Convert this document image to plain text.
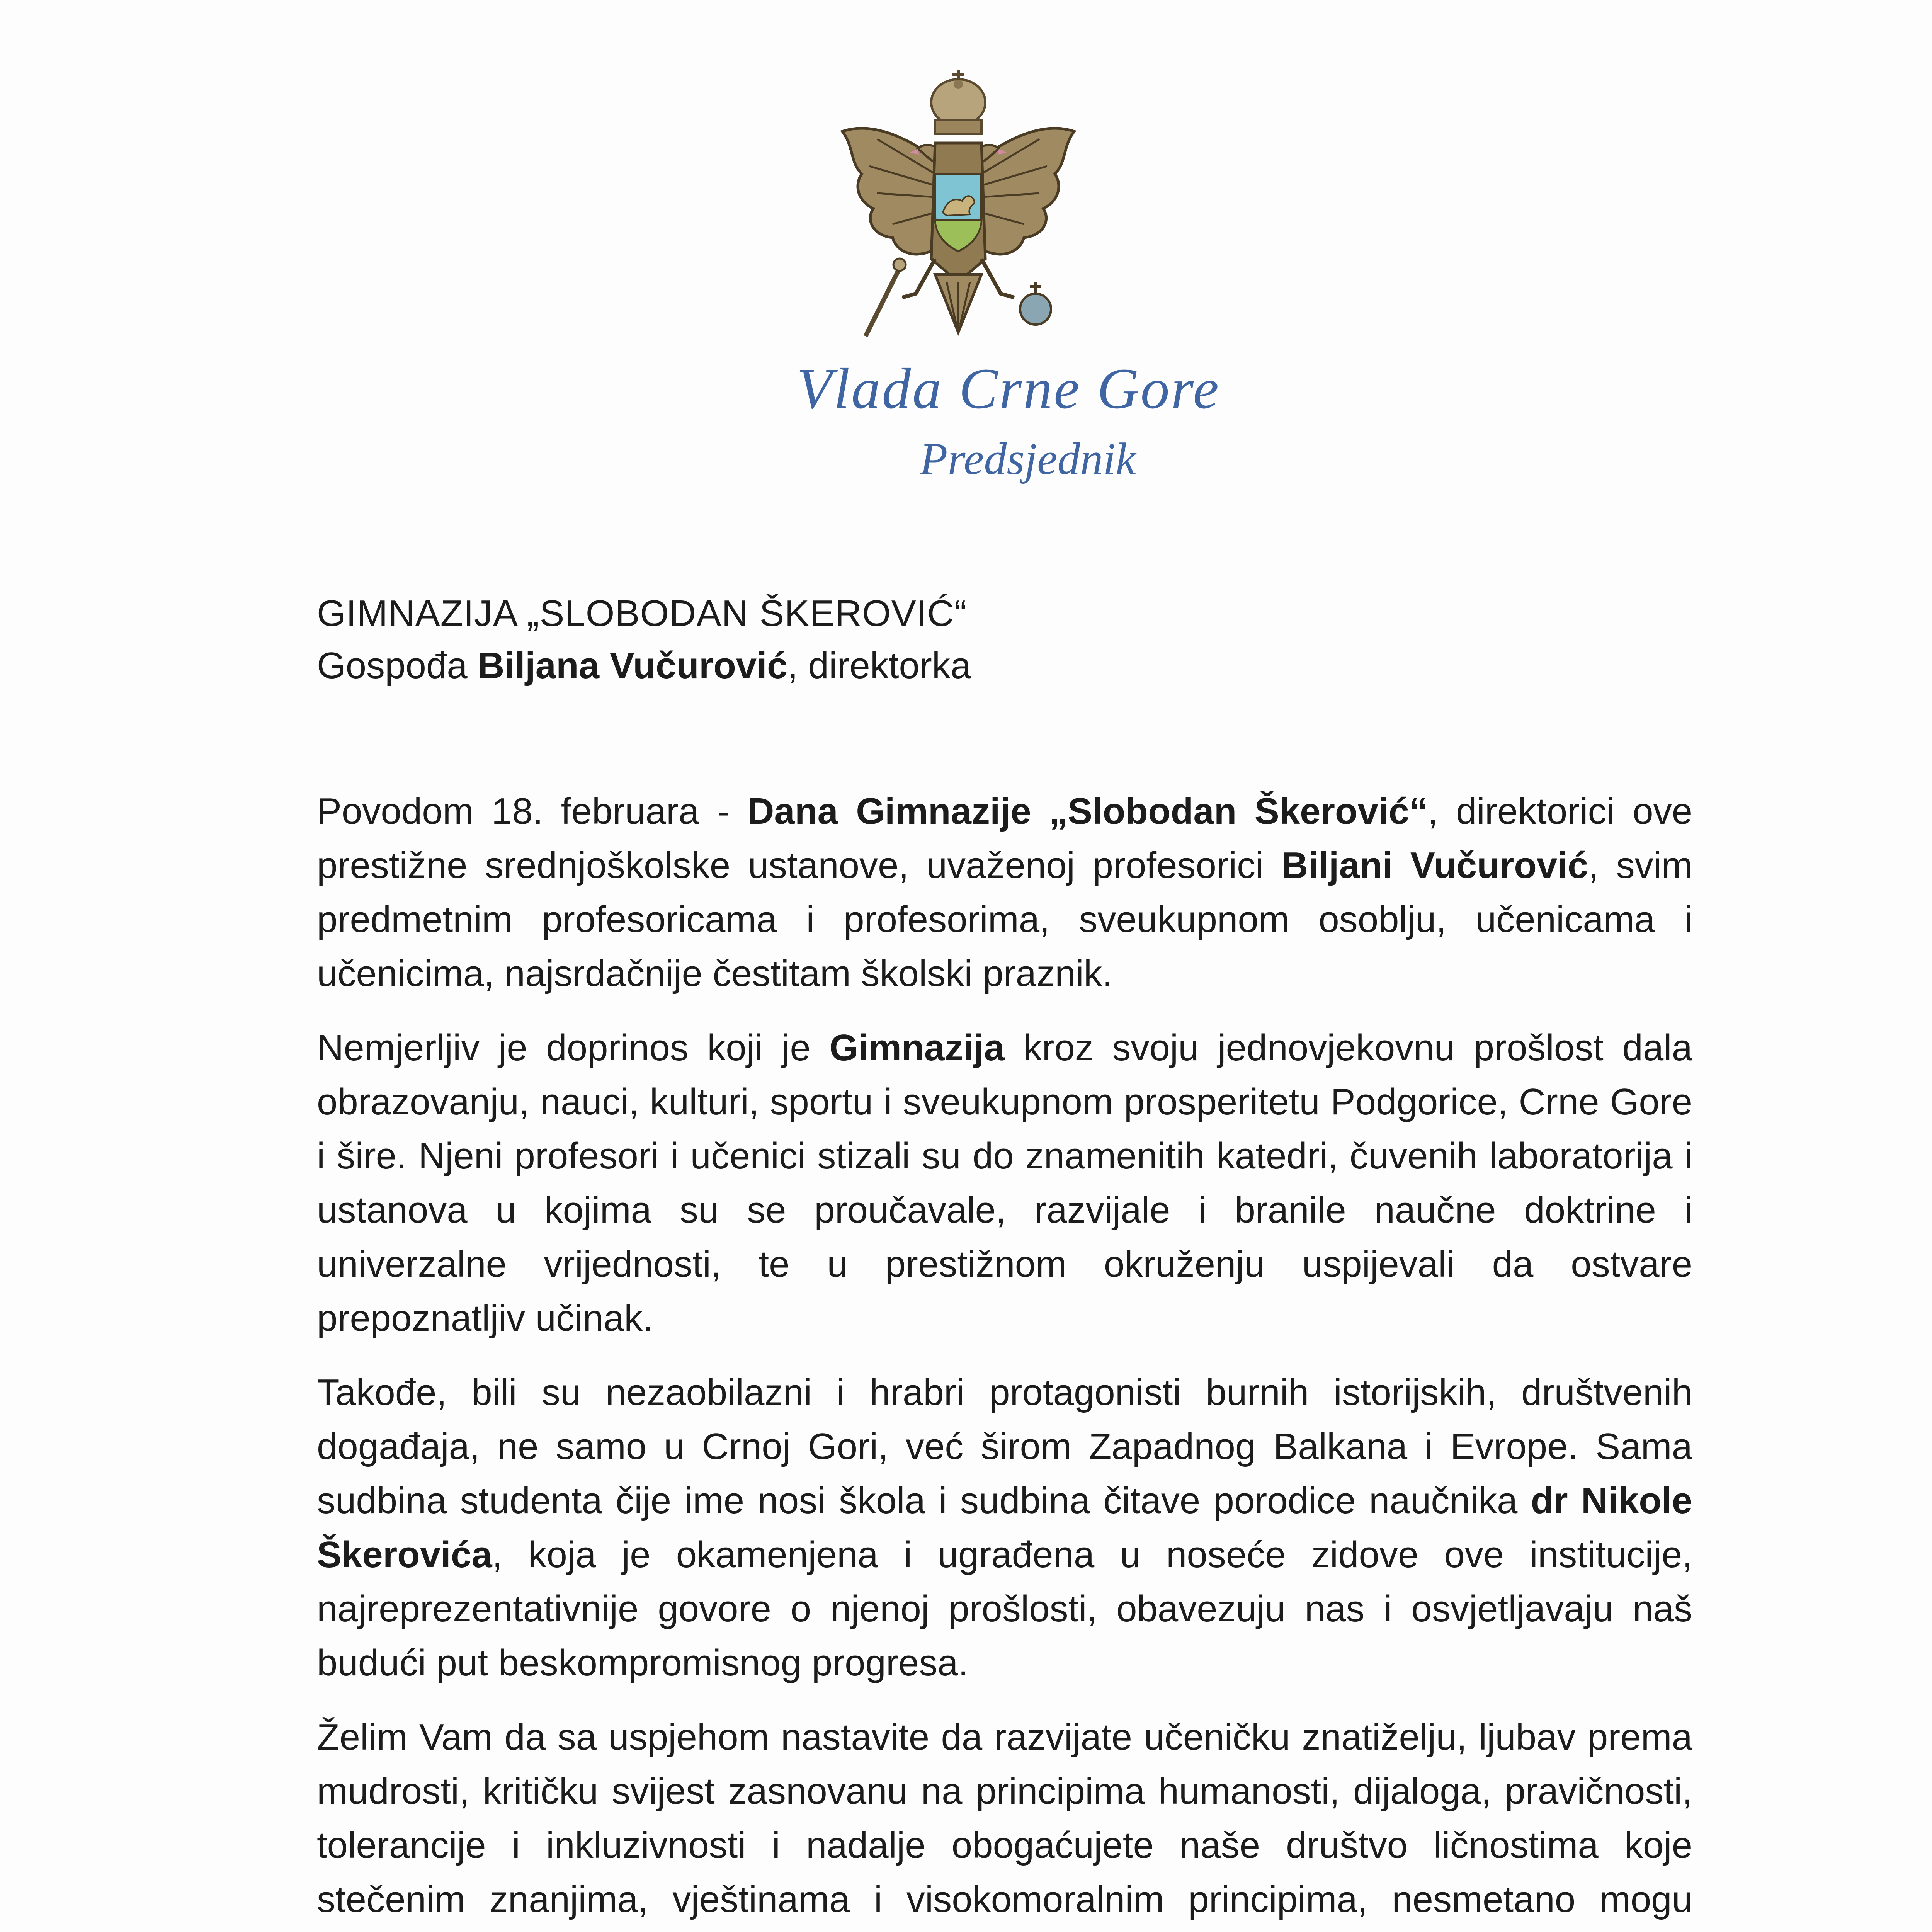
Vlada Crne Gore
Predsjednik
GIMNAZIJA „SLOBODAN ŠKEROVIĆ“
Gospođa Biljana Vučurović, direktorka

Povodom 18. februara - Dana Gimnazije „Slobodan Škerović“, direktorici ove prestižne srednjoškolske ustanove, uvaženoj profesorici Biljani Vučurović, svim predmetnim profesoricama i profesorima, sveukupnom osoblju, učenicama i učenicima, najsrdačnije čestitam školski praznik.

Nemjerljiv je doprinos koji je Gimnazija kroz svoju jednovjekovnu prošlost dala obrazovanju, nauci, kulturi, sportu i sveukupnom prosperitetu Podgorice, Crne Gore i šire. Njeni profesori i učenici stizali su do znamenitih katedri, čuvenih laboratorija i ustanova u kojima su se proučavale, razvijale i branile naučne doktrine i univerzalne vrijednosti, te u prestižnom okruženju uspijevali da ostvare prepoznatljiv učinak.

Takođe, bili su nezaobilazni i hrabri protagonisti burnih istorijskih, društvenih događaja, ne samo u Crnoj Gori, već širom Zapadnog Balkana i Evrope. Sama sudbina studenta čije ime nosi škola i sudbina čitave porodice naučnika dr Nikole Škerovića, koja je okamenjena i ugrađena u noseće zidove ove institucije, najreprezentativnije govore o njenoj prošlosti, obavezuju nas i osvjetljavaju naš budući put beskompromisnog progresa.

Želim Vam da sa uspjehom nastavite da razvijate učeničku znatiželju, ljubav prema mudrosti, kritičku svijest zasnovanu na principima humanosti, dijaloga, pravičnosti, tolerancije i inkluzivnosti i nadalje obogaćujete naše društvo ličnostima koje stečenim znanjima, vještinama i visokomoralnim principima, nesmetano mogu
